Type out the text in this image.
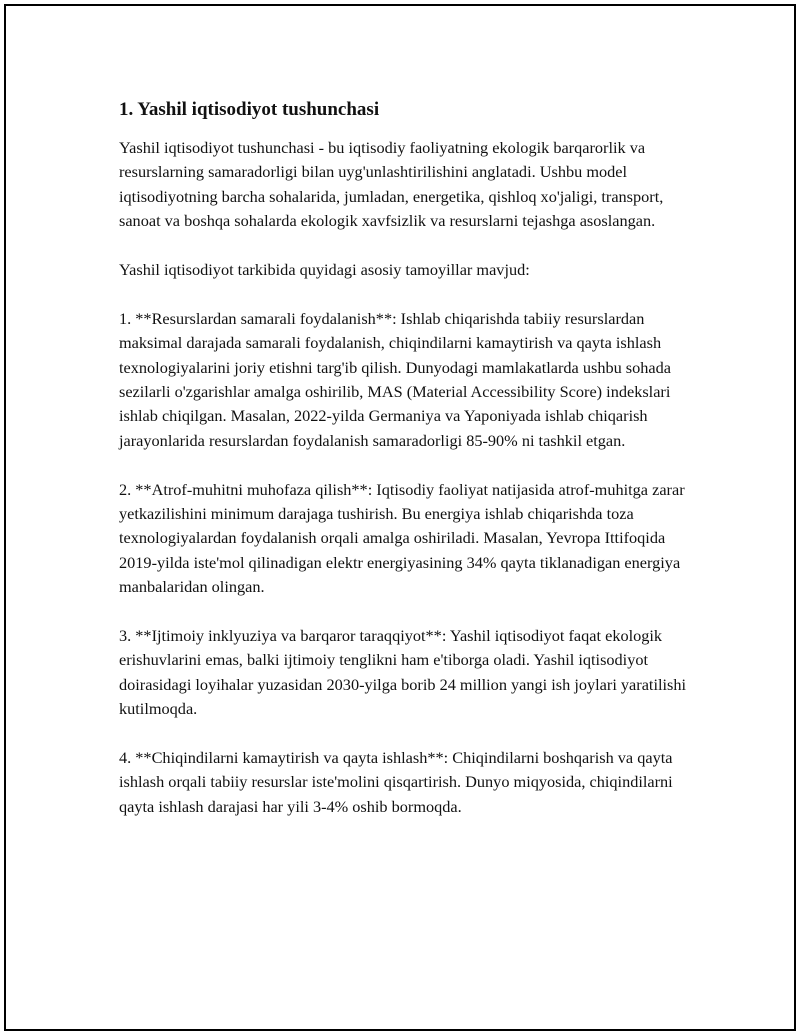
1. Yashil iqtisodiyot tushunchasi

Yashil iqtisodiyot tushunchasi - bu iqtisodiy faoliyatning ekologik barqarorlik va resurslarning samaradorligi bilan uyg'unlashtirilishini anglatadi. Ushbu model iqtisodiyotning barcha sohalarida, jumladan, energetika, qishloq xo'jaligi, transport, sanoat va boshqa sohalarda ekologik xavfsizlik va resurslarni tejashga asoslangan.

Yashil iqtisodiyot tarkibida quyidagi asosiy tamoyillar mavjud:

1. **Resurslardan samarali foydalanish**: Ishlab chiqarishda tabiiy resurslardan maksimal darajada samarali foydalanish, chiqindilarni kamaytirish va qayta ishlash texnologiyalarini joriy etishni targ'ib qilish. Dunyodagi mamlakatlarda ushbu sohada sezilarli o'zgarishlar amalga oshirilib, MAS (Material Accessibility Score) indekslari ishlab chiqilgan. Masalan, 2022-yilda Germaniya va Yaponiyada ishlab chiqarish jarayonlarida resurslardan foydalanish samaradorligi 85-90% ni tashkil etgan.

2. **Atrof-muhitni muhofaza qilish**: Iqtisodiy faoliyat natijasida atrof-muhitga zarar yetkazilishini minimum darajaga tushirish. Bu energiya ishlab chiqarishda toza texnologiyalardan foydalanish orqali amalga oshiriladi. Masalan, Yevropa Ittifoqida 2019-yilda iste'mol qilinadigan elektr energiyasining 34% qayta tiklanadigan energiya manbalaridan olingan.

3. **Ijtimoiy inklyuziya va barqaror taraqqiyot**: Yashil iqtisodiyot faqat ekologik erishuvlarini emas, balki ijtimoiy tenglikni ham e'tiborga oladi. Yashil iqtisodiyot doirasidagi loyihalar yuzasidan 2030-yilga borib 24 million yangi ish joylari yaratilishi kutilmoqda.

4. **Chiqindilarni kamaytirish va qayta ishlash**: Chiqindilarni boshqarish va qayta ishlash orqali tabiiy resurslar iste'molini qisqartirish. Dunyo miqyosida, chiqindilarni qayta ishlash darajasi har yili 3-4% oshib bormoqda.
